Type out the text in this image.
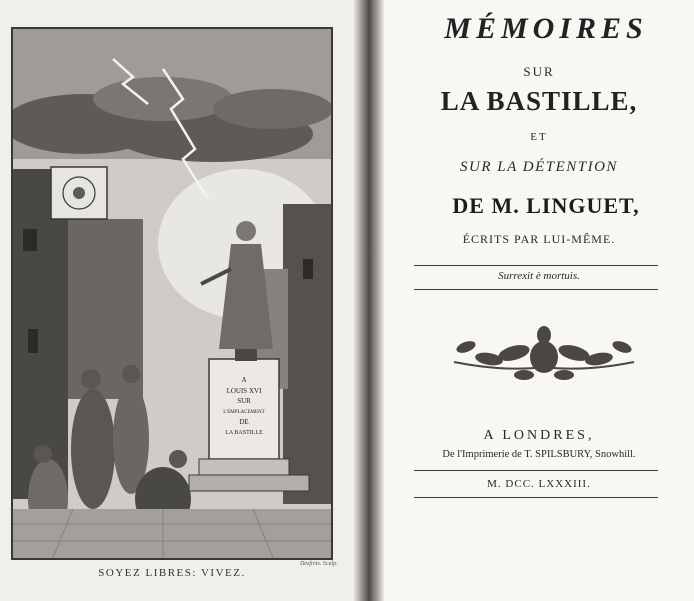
A
LOUIS XVI
SUR
L'EMPLACEMENT
DE
LA BASTILLE
SOYEZ LIBRES: VIVEZ.
Desfrets. Sculp.
MÉMOIRES
SUR
LA BASTILLE,
ET
SUR LA DÉTENTION
DE M. LINGUET,
ÉCRITS PAR LUI-MÊME.
Surrexit è mortuis.
A LONDRES,
De l'Imprimerie de T. SPILSBURY, Snowhill.
M. DCC. LXXXIII.
